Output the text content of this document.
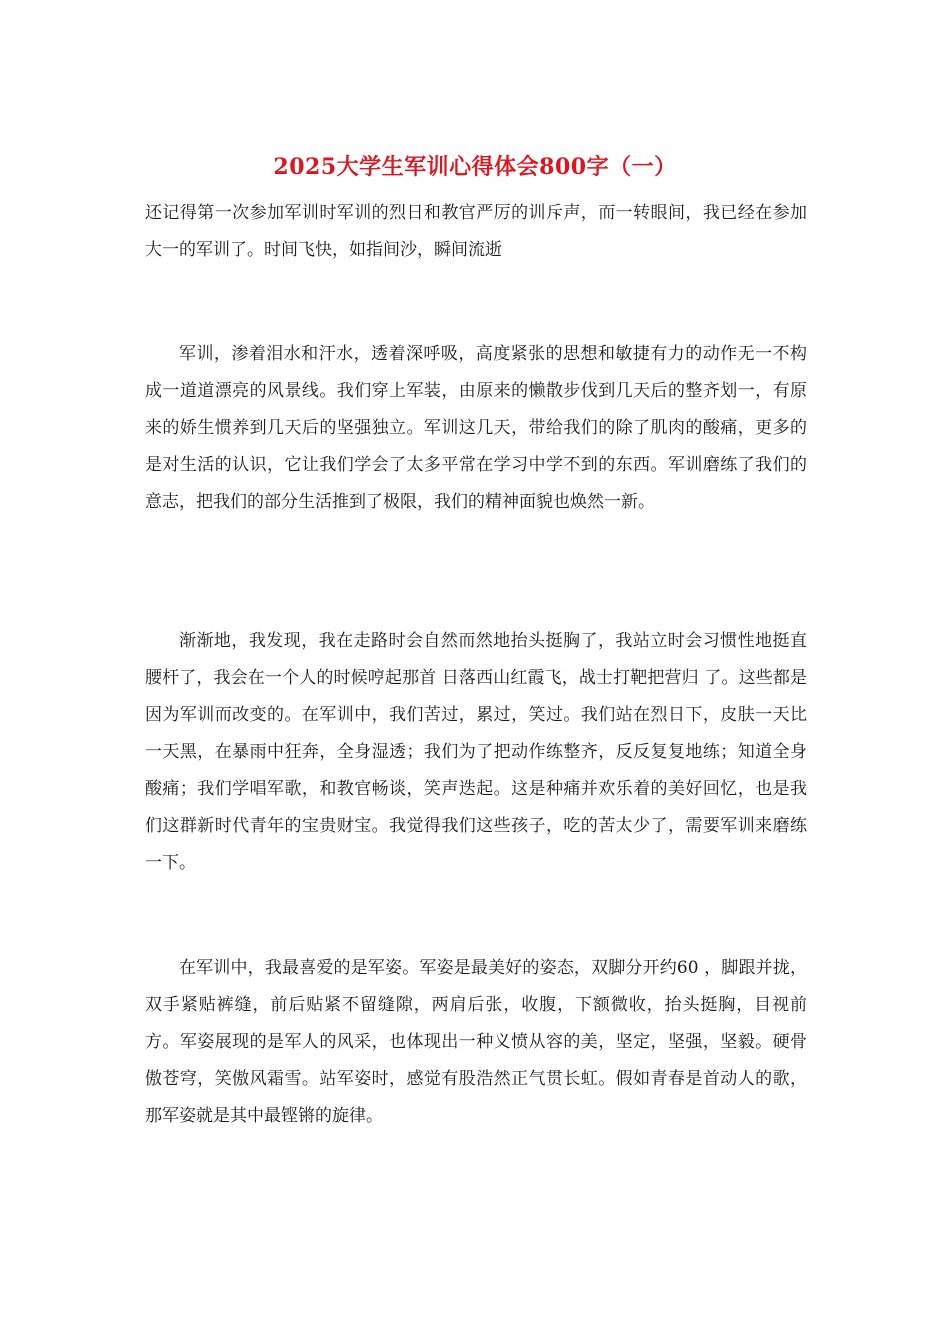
2025大学生军训心得体会800字（一）

还记得第一次参加军训时军训的烈日和教官严厉的训斥声，而一转眼间，我已经在参加大一的军训了。时间飞快，如指间沙，瞬间流逝

军训，渗着泪水和汗水，透着深呼吸，高度紧张的思想和敏捷有力的动作无一不构成一道道漂亮的风景线。我们穿上军装，由原来的懒散步伐到几天后的整齐划一，有原来的娇生惯养到几天后的坚强独立。军训这几天，带给我们的除了肌肉的酸痛，更多的是对生活的认识，它让我们学会了太多平常在学习中学不到的东西。军训磨练了我们的意志，把我们的部分生活推到了极限，我们的精神面貌也焕然一新。

渐渐地，我发现，我在走路时会自然而然地抬头挺胸了，我站立时会习惯性地挺直腰杆了，我会在一个人的时候哼起那首 日落西山红霞飞，战士打靶把营归 了。这些都是因为军训而改变的。在军训中，我们苦过，累过，笑过。我们站在烈日下，皮肤一天比一天黑，在暴雨中狂奔，全身湿透；我们为了把动作练整齐，反反复复地练；知道全身酸痛；我们学唱军歌，和教官畅谈，笑声迭起。这是种痛并欢乐着的美好回忆，也是我们这群新时代青年的宝贵财宝。我觉得我们这些孩子，吃的苦太少了，需要军训来磨练一下。

在军训中，我最喜爱的是军姿。军姿是最美好的姿态，双脚分开约60 ，脚跟并拢，双手紧贴裤缝，前后贴紧不留缝隙，两肩后张，收腹，下额微收，抬头挺胸，目视前方。军姿展现的是军人的风采，也体现出一种义愤从容的美，坚定，坚强，坚毅。硬骨傲苍穹，笑傲风霜雪。站军姿时，感觉有股浩然正气贯长虹。假如青春是首动人的歌，那军姿就是其中最铿锵的旋律。
